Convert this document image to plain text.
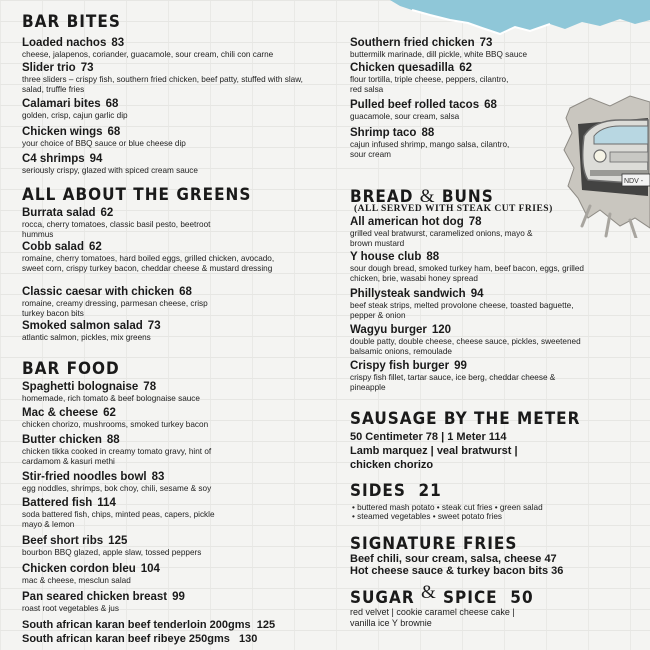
NDV -
BAR BITES
Loaded nachos 83
cheese, jalapenos, coriander, guacamole, sour cream, chili con carne
Slider trio 73
three sliders – crispy fish, southern fried chicken, beef patty, stuffed with slaw, salad, truffle fries
Calamari bites 68
golden, crisp, cajun garlic dip
Chicken wings 68
your choice of BBQ sauce or blue cheese dip
C4 shrimps 94
seriously crispy, glazed with spiced cream sauce
ALL ABOUT THE GREENS
Burrata salad 62
rocca, cherry tomatoes, classic basil pesto, beetroot hummus
Cobb salad 62
romaine, cherry tomatoes, hard boiled eggs, grilled chicken, avocado, sweet corn, crispy turkey bacon, cheddar cheese & mustard dressing
Classic caesar with chicken 68
romaine, creamy dressing, parmesan cheese, crisp turkey bacon bits
Smoked salmon salad 73
atlantic salmon, pickles, mix greens
BAR FOOD
Spaghetti bolognaise 78
homemade, rich tomato & beef bolognaise sauce
Mac & cheese 62
chicken chorizo, mushrooms, smoked turkey bacon
Butter chicken 88
chicken tikka cooked in creamy tomato gravy, hint of cardamom & kasuri methi
Stir-fried noodles bowl 83
egg noddles, shrimps, bok choy, chili, sesame & soy
Battered fish 114
soda battered fish, chips, minted peas, capers, pickle mayo & lemon
Beef short ribs 125
bourbon BBQ glazed, apple slaw, tossed peppers
Chicken cordon bleu 104
mac & cheese, mesclun salad
Pan seared chicken breast 99
roast root vegetables & jus
South african karan beef tenderloin 200gms 125
South african karan beef ribeye 250gms 130
Southern fried chicken 73
buttermilk marinade, dill pickle, white BBQ sauce
Chicken quesadilla 62
flour tortilla, triple cheese, peppers, cilantro, red salsa
Pulled beef rolled tacos 68
guacamole, sour cream, salsa
Shrimp taco 88
cajun infused shrimp, mango salsa, cilantro, sour cream
BREAD & BUNS
(ALL SERVED WITH STEAK CUT FRIES)
All american hot dog 78
grilled veal bratwurst, caramelized onions, mayo & brown mustard
Y house club 88
sour dough bread, smoked turkey ham, beef bacon, eggs, grilled chicken, brie, wasabi honey spread
Phillysteak sandwich 94
beef steak strips, melted provolone cheese, toasted baguette, pepper & onion
Wagyu burger 120
double patty, double cheese, cheese sauce, pickles, sweetened balsamic onions, remoulade
Crispy fish burger 99
crispy fish fillet, tartar sauce, ice berg, cheddar cheese & pineapple
SAUSAGE BY THE METER
50 Centimeter 78 | 1 Meter 114
Lamb marquez | veal bratwurst |
chicken chorizo
SIDES 21
• buttered mash potato • steak cut fries • green salad
• steamed vegetables • sweet potato fries
SIGNATURE FRIES
Beef chili, sour cream, salsa, cheese 47
Hot cheese sauce & turkey bacon bits 36
SUGAR & SPICE 50
red velvet | cookie caramel cheese cake |
vanilla ice Y brownie
